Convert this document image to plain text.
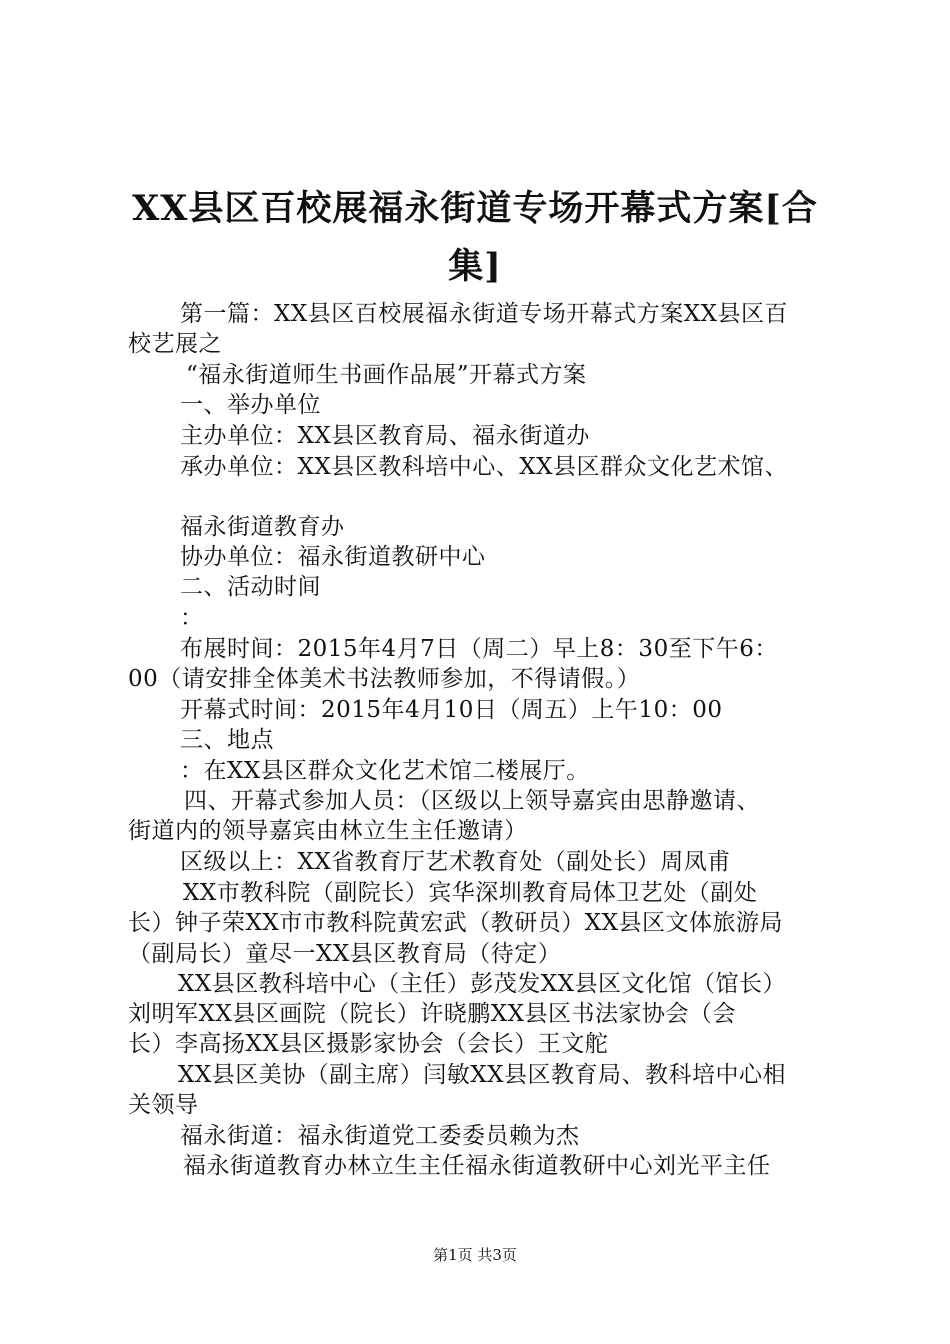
XX县区百校展福永街道专场开幕式方案[合
集]
第一篇：XX县区百校展福永街道专场开幕式方案XX县区百
校艺展之
“福永街道师生书画作品展”开幕式方案
一、举办单位
主办单位：XX县区教育局、福永街道办
承办单位：XX县区教科培中心、XX县区群众文化艺术馆、
福永街道教育办
协办单位：福永街道教研中心
二、活动时间
：
布展时间：2015年4月7日（周二）早上8：30至下午6：
00（请安排全体美术书法教师参加，不得请假。）
开幕式时间：2015年4月10日（周五）上午10：00
三、地点
：在XX县区群众文化艺术馆二楼展厅。
四、开幕式参加人员：（区级以上领导嘉宾由思静邀请、
街道内的领导嘉宾由林立生主任邀请）
区级以上：XX省教育厅艺术教育处（副处长）周凤甫
XX市教科院（副院长）宾华深圳教育局体卫艺处（副处
长）钟子荣XX市市教科院黄宏武（教研员）XX县区文体旅游局
（副局长）童尽一XX县区教育局（待定）
XX县区教科培中心（主任）彭茂发XX县区文化馆（馆长）
刘明军XX县区画院（院长）许晓鹏XX县区书法家协会（会
长）李高扬XX县区摄影家协会（会长）王文舵
XX县区美协（副主席）闫敏XX县区教育局、教科培中心相
关领导
福永街道：福永街道党工委委员赖为杰
福永街道教育办林立生主任福永街道教研中心刘光平主任
第1页 共3页
